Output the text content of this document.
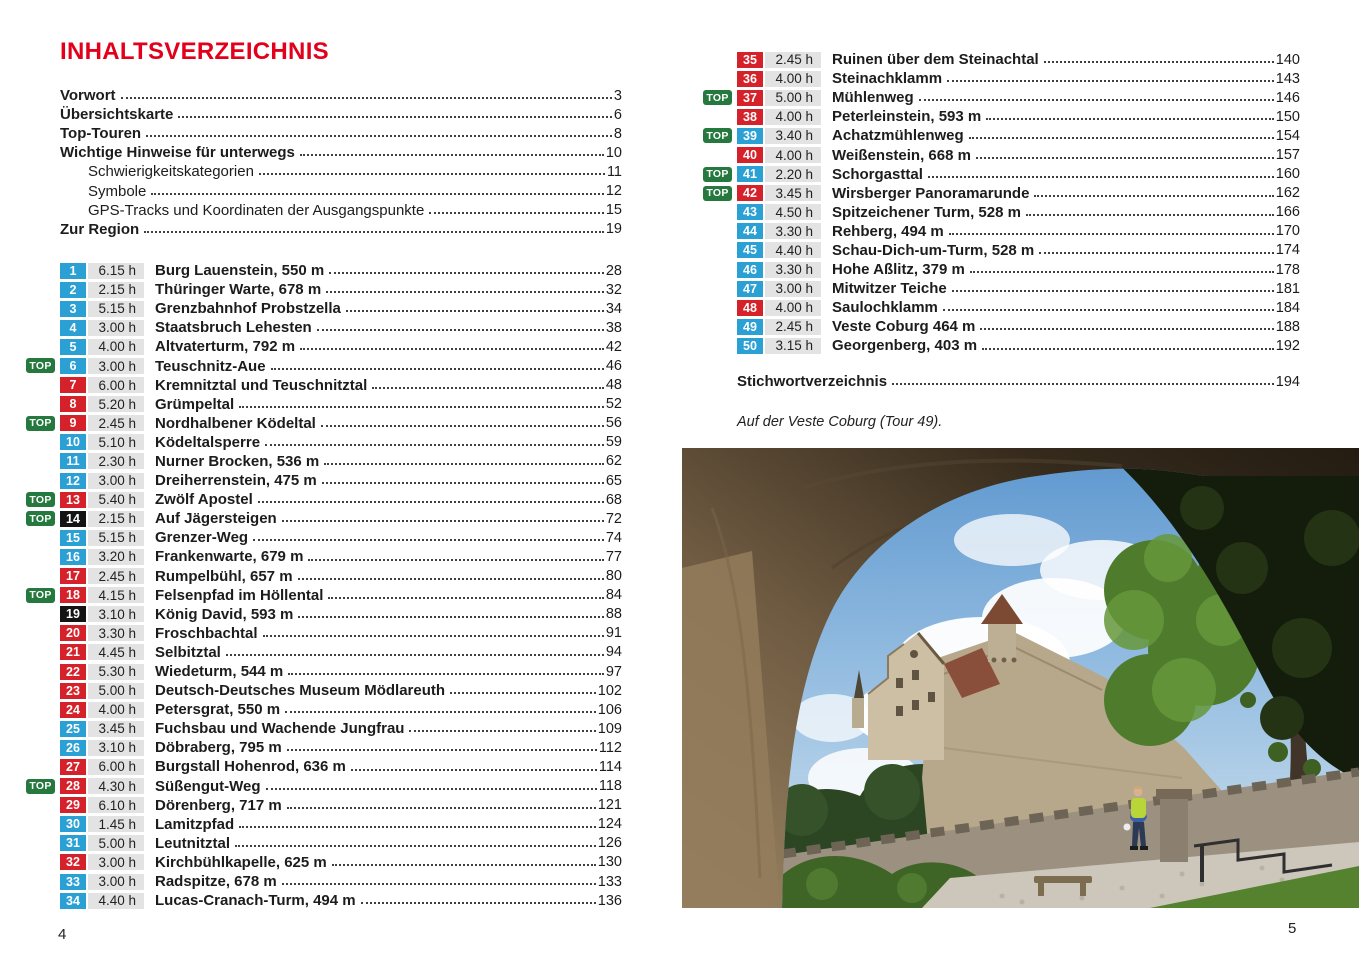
INHALTSVERZEICHNIS
Vorwort	3
Übersichtskarte	6
Top-Touren	8
Wichtige Hinweise für unterwegs	10
Schwierigkeitskategorien	11
Symbole	12
GPS-Tracks und Koordinaten der Ausgangspunkte	15
Zur Region	19
1	6.15 h	Burg Lauenstein, 550 m	28
2	2.15 h	Thüringer Warte, 678 m	32
3	5.15 h	Grenzbahnhof Probstzella	34
4	3.00 h	Staatsbruch Lehesten	38
5	4.00 h	Altvaterturm, 792 m	42
TOP	6	3.00 h	Teuschnitz-Aue	46
7	6.00 h	Kremnitztal und Teuschnitztal	48
8	5.20 h	Grümpeltal	52
TOP	9	2.45 h	Nordhalbener Ködeltal	56
10	5.10 h	Ködeltalsperre	59
11	2.30 h	Nurner Brocken, 536 m	62
12	3.00 h	Dreiherrenstein, 475 m	65
TOP	13	5.40 h	Zwölf Apostel	68
TOP	14	2.15 h	Auf Jägersteigen	72
15	5.15 h	Grenzer-Weg	74
16	3.20 h	Frankenwarte, 679 m	77
17	2.45 h	Rumpelbühl, 657 m	80
TOP	18	4.15 h	Felsenpfad im Höllental	84
19	3.10 h	König David, 593 m	88
20	3.30 h	Froschbachtal	91
21	4.45 h	Selbitztal	94
22	5.30 h	Wiedeturm, 544 m	97
23	5.00 h	Deutsch-Deutsches Museum Mödlareuth	102
24	4.00 h	Petersgrat, 550 m	106
25	3.45 h	Fuchsbau und Wachende Jungfrau	109
26	3.10 h	Döbraberg, 795 m	112
27	6.00 h	Burgstall Hohenrod, 636 m	114
TOP	28	4.30 h	Süßengut-Weg	118
29	6.10 h	Dörenberg, 717 m	121
30	1.45 h	Lamitzpfad	124
31	5.00 h	Leutnitztal	126
32	3.00 h	Kirchbühlkapelle, 625 m	130
33	3.00 h	Radspitze, 678 m	133
34	4.40 h	Lucas-Cranach-Turm, 494 m	136
4
35	2.45 h	Ruinen über dem Steinachtal	140
36	4.00 h	Steinachklamm	143
TOP	37	5.00 h	Mühlenweg	146
38	4.00 h	Peterleinstein, 593 m	150
TOP	39	3.40 h	Achatzmühlenweg	154
40	4.00 h	Weißenstein, 668 m	157
TOP	41	2.20 h	Schorgasttal	160
TOP	42	3.45 h	Wirsberger Panoramarunde	162
43	4.50 h	Spitzeichener Turm, 528 m	166
44	3.30 h	Rehberg, 494 m	170
45	4.40 h	Schau-Dich-um-Turm, 528 m	174
46	3.30 h	Hohe Aßlitz, 379 m	178
47	3.00 h	Mitwitzer Teiche	181
48	4.00 h	Saulochklamm	184
49	2.45 h	Veste Coburg 464 m	188
50	3.15 h	Georgenberg, 403 m	192
Stichwortverzeichnis	194
Auf der Veste Coburg (Tour 49).
5
